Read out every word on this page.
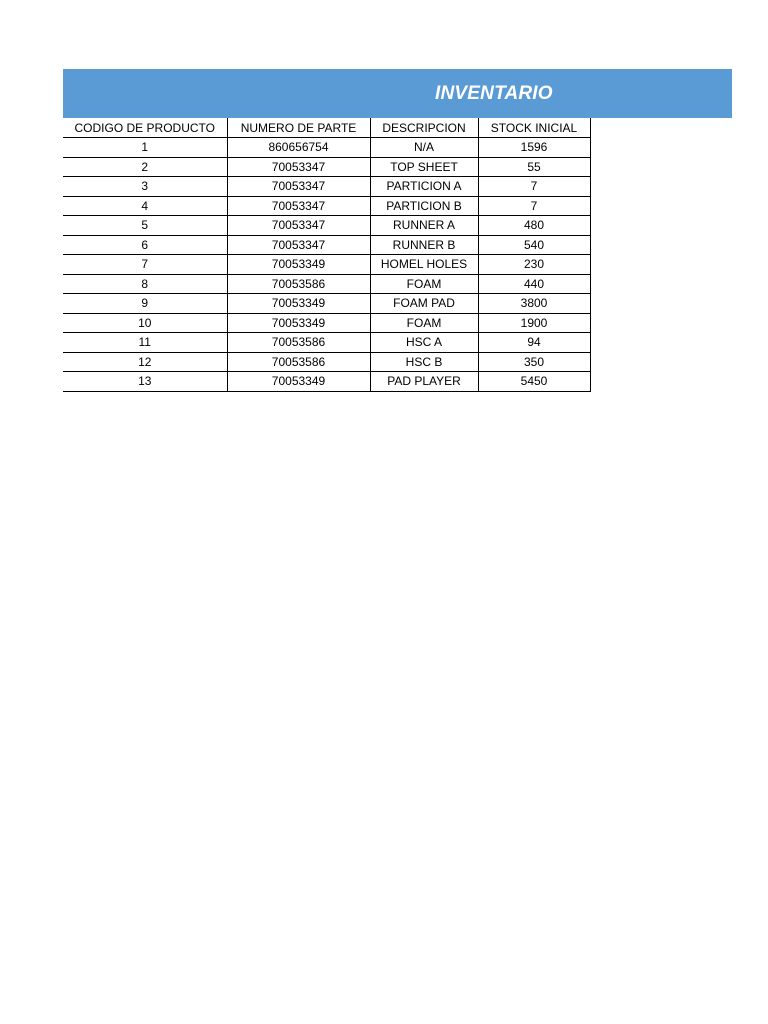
INVENTARIO
CODIGO DE PRODUCTO	NUMERO DE PARTE	DESCRIPCION	STOCK INICIAL
1	860656754	N/A	1596
2	70053347	TOP SHEET	55
3	70053347	PARTICION A	7
4	70053347	PARTICION B	7
5	70053347	RUNNER A	480
6	70053347	RUNNER B	540
7	70053349	HOMEL HOLES	230
8	70053586	FOAM	440
9	70053349	FOAM PAD	3800
10	70053349	FOAM	1900
11	70053586	HSC A	94
12	70053586	HSC B	350
13	70053349	PAD PLAYER	5450
